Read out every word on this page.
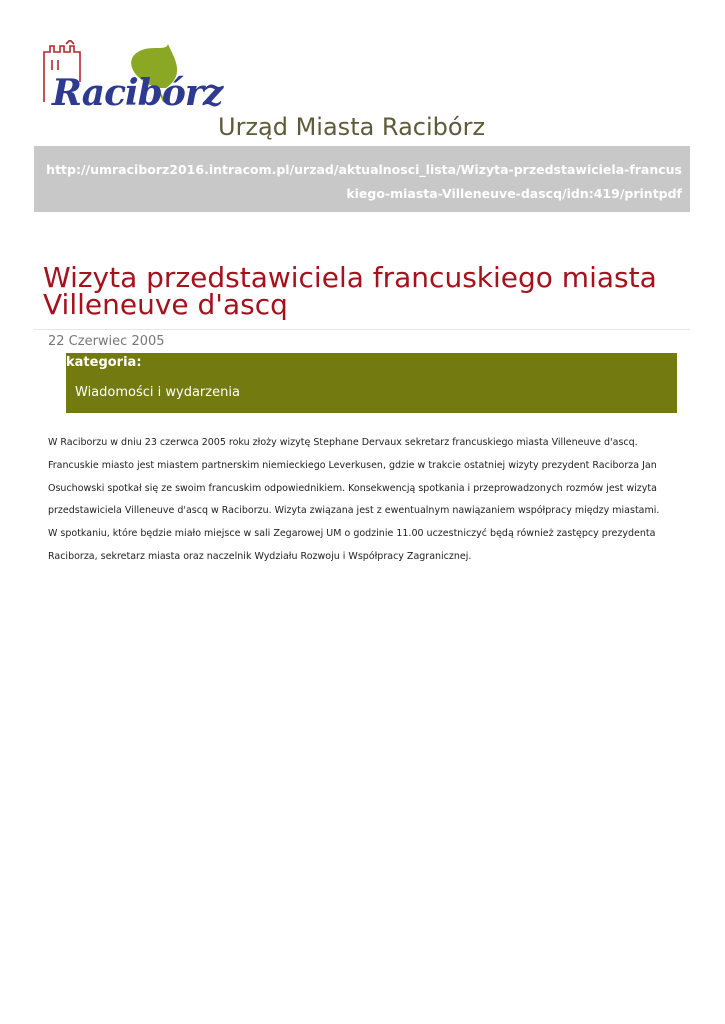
Racibórz
Urząd Miasta Racibórz
http://umraciborz2016.intracom.pl/urzad/aktualnosci_lista/Wizyta-przedstawiciela-francuskiego-miasta-Villeneuve-dascq/idn:419/printpdf
Wizyta przedstawiciela francuskiego miasta Villeneuve d'ascq
22 Czerwiec 2005
kategoria:
Wiadomości i wydarzenia

W Raciborzu w dniu 23 czerwca 2005 roku złoży wizytę Stephane Dervaux sekretarz francuskiego miasta Villeneuve d'ascq. Francuskie miasto jest miastem partnerskim niemieckiego Leverkusen, gdzie w trakcie ostatniej wizyty prezydent Raciborza Jan Osuchowski spotkał się ze swoim francuskim odpowiednikiem. Konsekwencją spotkania i przeprowadzonych rozmów jest wizyta przedstawiciela Villeneuve d'ascq w Raciborzu. Wizyta związana jest z ewentualnym nawiązaniem współpracy między miastami.

W spotkaniu, które będzie miało miejsce w sali Zegarowej UM o godzinie 11.00 uczestniczyć będą również zastępcy prezydenta Raciborza, sekretarz miasta oraz naczelnik Wydziału Rozwoju i Współpracy Zagranicznej.
